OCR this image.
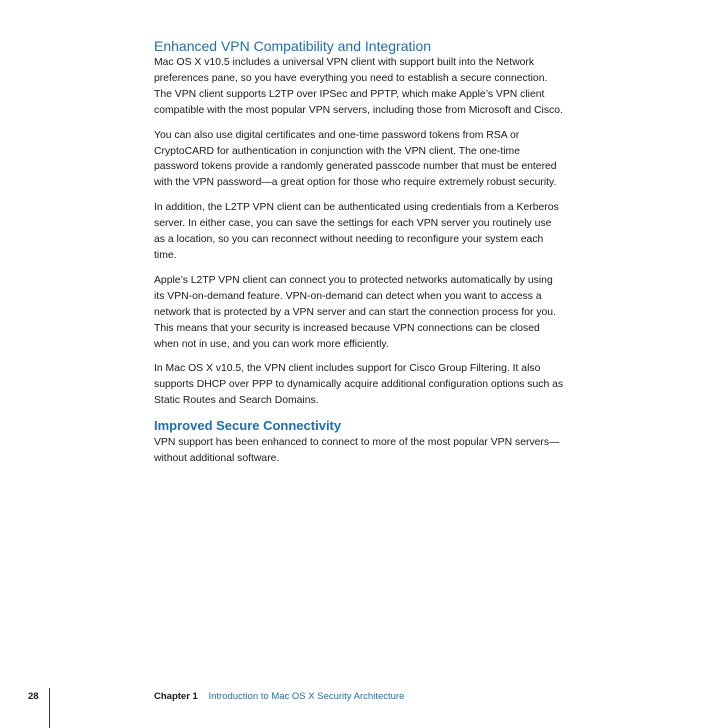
Enhanced VPN Compatibility and Integration

Mac OS X v10.5 includes a universal VPN client with support built into the Network preferences pane, so you have everything you need to establish a secure connection. The VPN client supports L2TP over IPSec and PPTP, which make Apple’s VPN client compatible with the most popular VPN servers, including those from Microsoft and Cisco.

You can also use digital certificates and one-time password tokens from RSA or CryptoCARD for authentication in conjunction with the VPN client. The one-time password tokens provide a randomly generated passcode number that must be entered with the VPN password—a great option for those who require extremely robust security.

In addition, the L2TP VPN client can be authenticated using credentials from a Kerberos server. In either case, you can save the settings for each VPN server you routinely use as a location, so you can reconnect without needing to reconfigure your system each time.

Apple’s L2TP VPN client can connect you to protected networks automatically by using its VPN-on-demand feature. VPN-on-demand can detect when you want to access a network that is protected by a VPN server and can start the connection process for you. This means that your security is increased because VPN connections can be closed when not in use, and you can work more efficiently.

In Mac OS X v10.5, the VPN client includes support for Cisco Group Filtering. It also supports DHCP over PPP to dynamically acquire additional configuration options such as Static Routes and Search Domains.

Improved Secure Connectivity

VPN support has been enhanced to connect to more of the most popular VPN servers—without additional software.

28	Chapter 1 Introduction to Mac OS X Security Architecture
